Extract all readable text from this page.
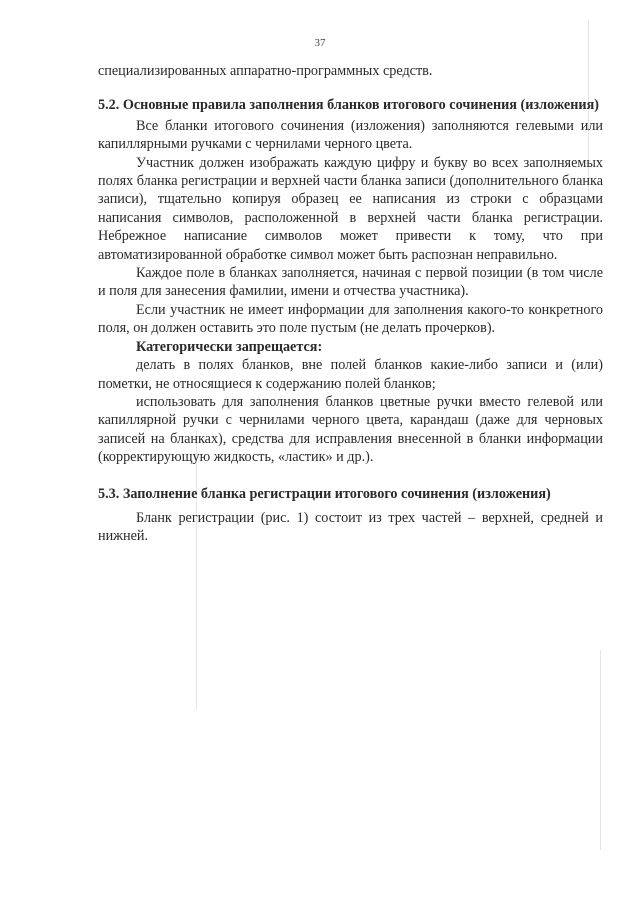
37

специализированных аппаратно-программных средств.

5.2. Основные правила заполнения бланков итогового сочинения (изложения)

Все бланки итогового сочинения (изложения) заполняются гелевыми или капиллярными ручками с чернилами черного цвета.

Участник должен изображать каждую цифру и букву во всех заполняемых полях бланка регистрации и верхней части бланка записи (дополнительного бланка записи), тщательно копируя образец ее написания из строки с образцами написания символов, расположенной в верхней части бланка регистрации. Небрежное написание символов может привести к тому, что при автоматизированной обработке символ может быть распознан неправильно.

Каждое поле в бланках заполняется, начиная с первой позиции (в том числе и поля для занесения фамилии, имени и отчества участника).

Если участник не имеет информации для заполнения какого-то конкретного поля, он должен оставить это поле пустым (не делать прочерков).

Категорически запрещается:

делать в полях бланков, вне полей бланков какие-либо записи и (или) пометки, не относящиеся к содержанию полей бланков;

использовать для заполнения бланков цветные ручки вместо гелевой или капиллярной ручки с чернилами черного цвета, карандаш (даже для черновых записей на бланках), средства для исправления внесенной в бланки информации (корректирующую жидкость, «ластик» и др.).

5.3. Заполнение бланка регистрации итогового сочинения (изложения)

Бланк регистрации (рис. 1) состоит из трех частей – верхней, средней и нижней.
